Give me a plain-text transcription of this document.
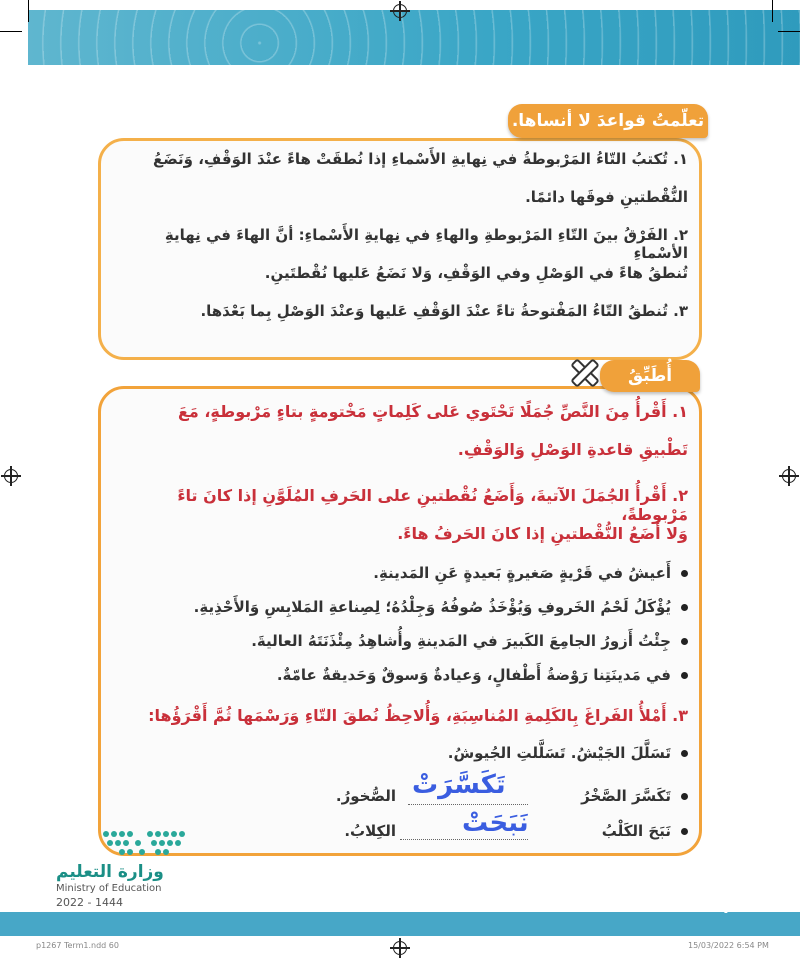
تعلّمتُ قواعدَ لا أنساها.
١. تُكتبُ التّاءُ المَرْبوطةُ في نِهايةِ الأَسْماءِ إذا نُطقَتْ هاءً عنْدَ الوَقْفِ، وَنَضَعُ
النُّقْطتينِ فوقَها دائمًا.
٢. الفَرْقُ بينَ التّاءِ المَرْبوطةِ والهاءِ في نِهايةِ الأَسْماءِ: أنَّ الهاءَ في نِهايةِ الأسْماءِ
تُنطقُ هاءً في الوَصْلِ وفي الوَقْفِ، وَلا نَضَعُ عَليها نُقْطتَينِ.
٣. تُنطقُ التّاءُ المَفْتوحةُ تاءً عنْدَ الوَقْفِ عَليها وَعنْدَ الوَصْلِ بِما بَعْدَها.
أُطَبِّقُ
١. أَقْرأُ مِنَ النَّصِّ جُمَلًا تَحْتَوي عَلى كَلِماتٍ مَخْتومةٍ بتاءٍ مَرْبوطةٍ، مَعَ
تَطْبيقِ قاعدةِ الوَصْلِ وَالوَقْفِ.
٢. أَقْرأُ الجُمَلَ الآتيةَ، وَأَضَعُ نُقْطتينِ على الحَرفِ المُلَوَّنِ إذا كانَ تاءً مَرْبوطةً،
وَلا أَضَعُ النُّقْطتينِ إذا كانَ الحَرفُ هاءً.
أَعيشُ في قَرْيةٍ صَغيرةٍ بَعيدةٍ عَنِ المَدينةِ.
يُؤْكَلُ لَحْمُ الخَروفِ وَيُؤْخَذُ صُوفُهُ وَجِلْدُهُ؛ لِصِناعةِ المَلابِسِ وَالأَحْذِيةِ.
جِئْتُ أَزورُ الجامِعَ الكَبيرَ في المَدينةِ وأُشاهِدُ مِئْذَنَتَهُ العاليةَ.
في مَدينَتِنا رَوْضةُ أَطْفالٍ، وَعيادةٌ وَسوقٌ وَحَديقةٌ عامّةٌ.
٣. أَمْلأُ الفَراغَ بِالكَلِمةِ المُناسِبَةِ، وَأُلاحِظُ نُطقَ التّاءِ وَرَسْمَها ثُمَّ أَقْرَؤُها:
تَسَلَّلَ الجَيْشُ. تَسَلَّلتِ الجُيوشُ.
تَكَسَّرَ الصَّخْرُ
تَكَسَّرَتْ
الصُّخورُ.
نَبَحَ الكَلْبُ
نَبَحَتْ
الكِلابُ.
وزارة التعليم
Ministry of Education
2022 - 1444	٦٠
p1267 Term1.ndd 60	15/03/2022 6:54 PM
